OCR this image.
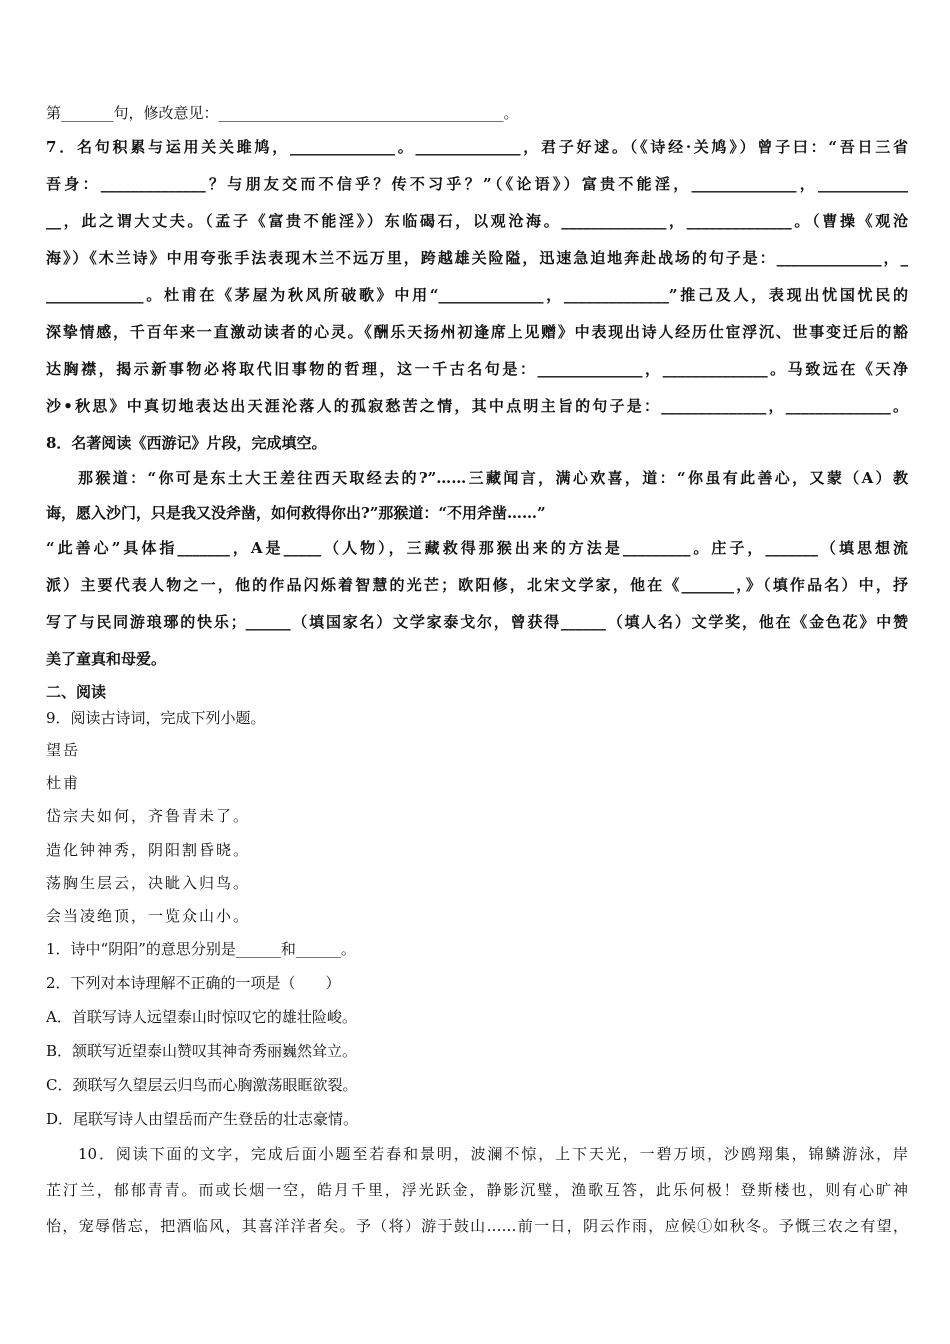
第_______句，修改意见：______________________________________。
7．名句积累与运用关关雎鸠，______________。______________，君子好逑。（《诗经·关鸠》）曾子曰：“吾日三省
吾身：______________？与朋友交而不信乎？传不习乎？”（《论语》）富贵不能淫，______________，____________
__，此之谓大丈夫。（孟子《富贵不能淫》）东临碣石，以观沧海。______________，______________。（曹操《观沧
海》）《木兰诗》中用夸张手法表现木兰不远万里，跨越雄关险隘，迅速急迫地奔赴战场的句子是：______________，_
_____________。杜甫在《茅屋为秋风所破歌》中用“______________，______________”推己及人，表现出忧国忧民的
深挚情感，千百年来一直激动读者的心灵。《酬乐天扬州初逢席上见赠》中表现出诗人经历仕宦浮沉、世事变迁后的豁
达胸襟，揭示新事物必将取代旧事物的哲理，这一千古名句是：______________，______________。马致远在《天净
沙•秋思》中真切地表达出天涯沦落人的孤寂愁苦之情，其中点明主旨的句子是：______________，______________。
8．名著阅读《西游记》片段，完成填空。
那猴道：“你可是东土大王差往西天取经去的?”……三藏闻言，满心欢喜，道：“你虽有此善心，又蒙（A）教
诲，愿入沙门，只是我又没斧凿，如何救得你出?”那猴道：“不用斧凿……”
“此善心”具体指_______，A是_____（人物），三藏救得那猴出来的方法是_________。庄子，_______（填思想流
派）主要代表人物之一，他的作品闪烁着智慧的光芒；欧阳修，北宋文学家，他在《_______，》（填作品名）中，抒
写了与民同游琅琊的快乐；______（填国家名）文学家泰戈尔，曾获得______（填人名）文学奖，他在《金色花》中赞
美了童真和母爱。
二、阅读
9．阅读古诗词，完成下列小题。
望岳
杜甫
岱宗夫如何，齐鲁青未了。
造化钟神秀，阴阳割昏晓。
荡胸生层云，决眦入归鸟。
会当凌绝顶，一览众山小。
1．诗中“阴阳”的意思分别是______和______。
2．下列对本诗理解不正确的一项是（　　）
A．首联写诗人远望泰山时惊叹它的雄壮险峻。
B．颔联写近望泰山赞叹其神奇秀丽巍然耸立。
C．颈联写久望层云归鸟而心胸激荡眼眶欲裂。
D．尾联写诗人由望岳而产生登岳的壮志豪情。
10．阅读下面的文字，完成后面小题至若春和景明，波澜不惊，上下天光，一碧万顷，沙鸥翔集，锦鳞游泳，岸
芷汀兰，郁郁青青。而或长烟一空，皓月千里，浮光跃金，静影沉璧，渔歌互答，此乐何极！登斯楼也，则有心旷神
怡，宠辱偕忘，把酒临风，其喜洋洋者矣。予（将）游于鼓山……前一日，阴云作雨，应候①如秋冬。予慨三农之有望，
